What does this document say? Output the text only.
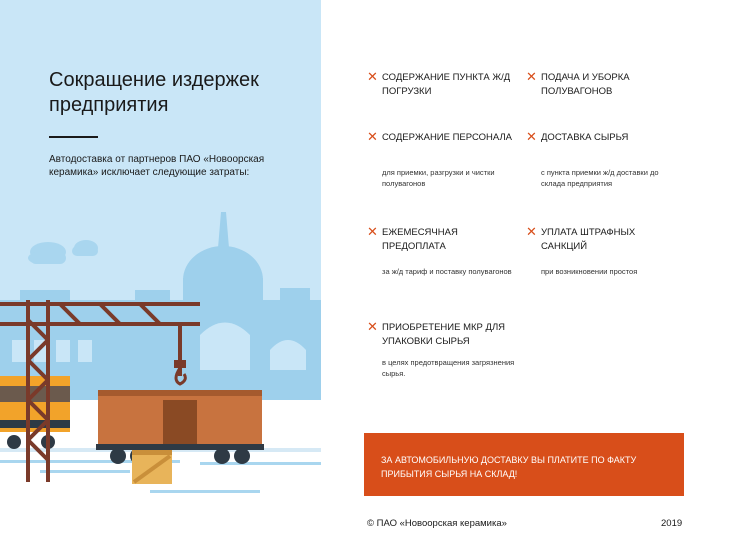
Сокращение издержек предприятия

Автодоставка от партнеров ПАО «Новоорская керамика» исключает следующие затраты:

✕ СОДЕРЖАНИЕ ПУНКТА Ж/Д ПОГРУЗКИ
✕ ПОДАЧА И УБОРКА ПОЛУВАГОНОВ
✕ СОДЕРЖАНИЕ ПЕРСОНАЛА
для приемки, разгрузки и чистки полувагонов
✕ ДОСТАВКА СЫРЬЯ
с пункта приемки ж/д доставки до склада предприятия
✕ ЕЖЕМЕСЯЧНАЯ ПРЕДОПЛАТА
за ж/д тариф и поставку полувагонов
✕ УПЛАТА ШТРАФНЫХ САНКЦИЙ
при возникновении простоя
✕ ПРИОБРЕТЕНИЕ МКР ДЛЯ УПАКОВКИ СЫРЬЯ
в целях предотвращения загрязнения сырья.
ЗА АВТОМОБИЛЬНУЮ ДОСТАВКУ ВЫ ПЛАТИТЕ ПО ФАКТУ ПРИБЫТИЯ СЫРЬЯ НА СКЛАД!
© ПАО «Новоорская керамика»	2019
